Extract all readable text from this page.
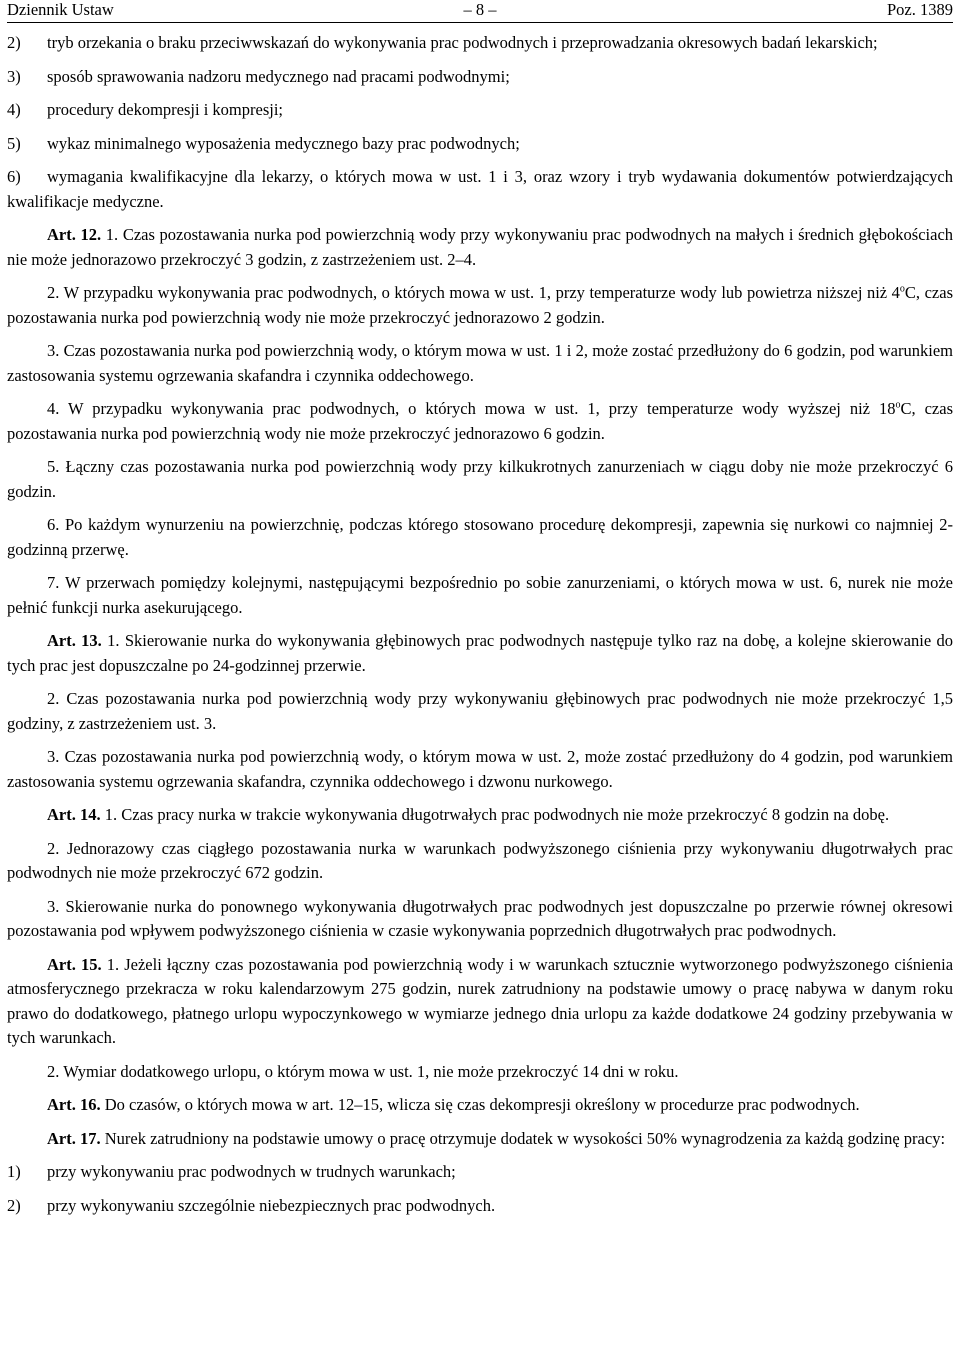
Dziennik Ustaw	– 8 –	Poz. 1389
2) tryb orzekania o braku przeciwwskazań do wykonywania prac podwodnych i przeprowadzania okresowych badań lekarskich;
3) sposób sprawowania nadzoru medycznego nad pracami podwodnymi;
4) procedury dekompresji i kompresji;
5) wykaz minimalnego wyposażenia medycznego bazy prac podwodnych;
6) wymagania kwalifikacyjne dla lekarzy, o których mowa w ust. 1 i 3, oraz wzory i tryb wydawania dokumentów potwierdzających kwalifikacje medyczne.

Art. 12. 1. Czas pozostawania nurka pod powierzchnią wody przy wykonywaniu prac podwodnych na małych i średnich głębokościach nie może jednorazowo przekroczyć 3 godzin, z zastrzeżeniem ust. 2–4.

2. W przypadku wykonywania prac podwodnych, o których mowa w ust. 1, przy temperaturze wody lub powietrza niższej niż 4$^o$C, czas pozostawania nurka pod powierzchnią wody nie może przekroczyć jednorazowo 2 godzin.

3. Czas pozostawania nurka pod powierzchnią wody, o którym mowa w ust. 1 i 2, może zostać przedłużony do 6 godzin, pod warunkiem zastosowania systemu ogrzewania skafandra i czynnika oddechowego.

4. W przypadku wykonywania prac podwodnych, o których mowa w ust. 1, przy temperaturze wody wyższej niż 18$^o$C, czas pozostawania nurka pod powierzchnią wody nie może przekroczyć jednorazowo 6 godzin.

5. Łączny czas pozostawania nurka pod powierzchnią wody przy kilkukrotnych zanurzeniach w ciągu doby nie może przekroczyć 6 godzin.

6. Po każdym wynurzeniu na powierzchnię, podczas którego stosowano procedurę dekompresji, zapewnia się nurkowi co najmniej 2-godzinną przerwę.

7. W przerwach pomiędzy kolejnymi, następującymi bezpośrednio po sobie zanurzeniami, o których mowa w ust. 6, nurek nie może pełnić funkcji nurka asekurującego.

Art. 13. 1. Skierowanie nurka do wykonywania głębinowych prac podwodnych następuje tylko raz na dobę, a kolejne skierowanie do tych prac jest dopuszczalne po 24-godzinnej przerwie.

2. Czas pozostawania nurka pod powierzchnią wody przy wykonywaniu głębinowych prac podwodnych nie może przekroczyć 1,5 godziny, z zastrzeżeniem ust. 3.

3. Czas pozostawania nurka pod powierzchnią wody, o którym mowa w ust. 2, może zostać przedłużony do 4 godzin, pod warunkiem zastosowania systemu ogrzewania skafandra, czynnika oddechowego i dzwonu nurkowego.

Art. 14. 1. Czas pracy nurka w trakcie wykonywania długotrwałych prac podwodnych nie może przekroczyć 8 godzin na dobę.

2. Jednorazowy czas ciągłego pozostawania nurka w warunkach podwyższonego ciśnienia przy wykonywaniu długotrwałych prac podwodnych nie może przekroczyć 672 godzin.

3. Skierowanie nurka do ponownego wykonywania długotrwałych prac podwodnych jest dopuszczalne po przerwie równej okresowi pozostawania pod wpływem podwyższonego ciśnienia w czasie wykonywania poprzednich długotrwałych prac podwodnych.

Art. 15. 1. Jeżeli łączny czas pozostawania pod powierzchnią wody i w warunkach sztucznie wytworzonego podwyższonego ciśnienia atmosferycznego przekracza w roku kalendarzowym 275 godzin, nurek zatrudniony na podstawie umowy o pracę nabywa w danym roku prawo do dodatkowego, płatnego urlopu wypoczynkowego w wymiarze jednego dnia urlopu za każde dodatkowe 24 godziny przebywania w tych warunkach.

2. Wymiar dodatkowego urlopu, o którym mowa w ust. 1, nie może przekroczyć 14 dni w roku.

Art. 16. Do czasów, o których mowa w art. 12–15, wlicza się czas dekompresji określony w procedurze prac podwodnych.

Art. 17. Nurek zatrudniony na podstawie umowy o pracę otrzymuje dodatek w wysokości 50% wynagrodzenia za każdą godzinę pracy:

1) przy wykonywaniu prac podwodnych w trudnych warunkach;
2) przy wykonywaniu szczególnie niebezpiecznych prac podwodnych.
